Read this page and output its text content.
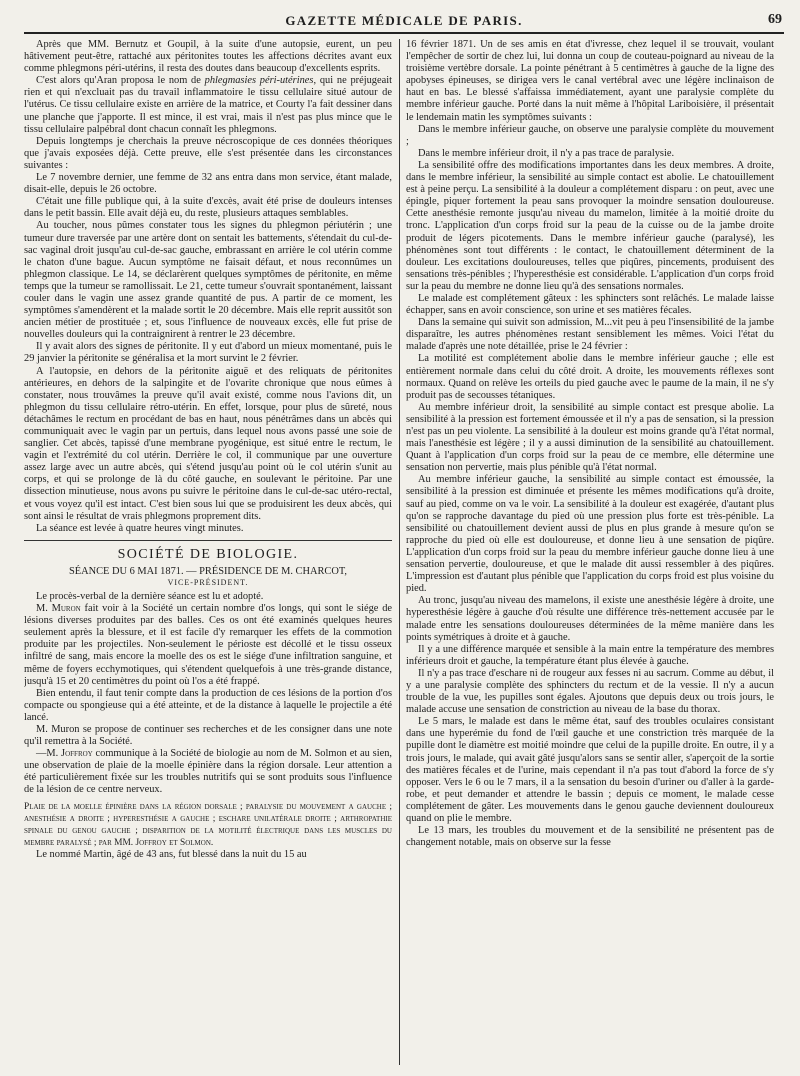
GAZETTE MÉDICALE DE PARIS.	69

Après que MM. Bernutz et Goupil, à la suite d'une autopsie, eurent, un peu hâtivement peut-être, rattaché aux péritonites toutes les affections décrites avant eux comme phlegmons péri-utérins, il resta des doutes dans beaucoup d'excellents esprits.

C'est alors qu'Aran proposa le nom de phlegmasies péri-utérines, qui ne préjugeait rien et qui n'excluait pas du travail inflammatoire le tissu cellulaire situé autour de l'utérus. Ce tissu cellulaire existe en arrière de la matrice, et Courty l'a fait dessiner dans une planche que j'apporte. Il est mince, il est vrai, mais il n'est pas plus mince que le tissu cellulaire palpébral dont chacun connaît les phlegmons.

Depuis longtemps je cherchais la preuve nécroscopique de ces données théoriques que j'avais exposées déjà. Cette preuve, elle s'est présentée dans les circonstances suivantes :

Le 7 novembre dernier, une femme de 32 ans entra dans mon service, étant malade, disait-elle, depuis le 26 octobre.

C'était une fille publique qui, à la suite d'excès, avait été prise de douleurs intenses dans le petit bassin. Elle avait déjà eu, du reste, plusieurs attaques semblables.

Au toucher, nous pûmes constater tous les signes du phlegmon périutérin ; une tumeur dure traversée par une artère dont on sentait les battements, s'étendait du cul-de-sac vaginal droit jusqu'au cul-de-sac gauche, embrassant en arrière le col utérin comme le chaton d'une bague. Aucun symptôme ne faisait défaut, et nous reconnûmes un phlegmon classique. Le 14, se déclarèrent quelques symptômes de péritonite, en même temps que la tumeur se ramollissait. Le 21, cette tumeur s'ouvrait spontanément, laissant couler dans le vagin une assez grande quantité de pus. A partir de ce moment, les symptômes s'amendèrent et la malade sortit le 20 décembre. Mais elle reprit aussitôt son ancien métier de prostituée ; et, sous l'influence de nouveaux excès, elle fut prise de nouvelles douleurs qui la contraignirent à rentrer le 23 décembre.

Il y avait alors des signes de péritonite. Il y eut d'abord un mieux momentané, puis le 29 janvier la péritonite se généralisa et la mort survint le 2 février.

A l'autopsie, en dehors de la péritonite aiguë et des reliquats de péritonites antérieures, en dehors de la salpingite et de l'ovarite chronique que nous eûmes à constater, nous trouvâmes la preuve qu'il avait existé, comme nous l'avions dit, un phlegmon du tissu cellulaire rétro-utérin. En effet, lorsque, pour plus de sûreté, nous détachâmes le rectum en procédant de bas en haut, nous pénétrâmes dans un abcès qui communiquait avec le vagin par un pertuis, dans lequel nous avons passé une soie de sanglier. Cet abcès, tapissé d'une membrane pyogénique, est situé entre le rectum, le vagin et l'extrémité du col utérin. Derrière le col, il communique par une ouverture assez large avec un autre abcès, qui s'étend jusqu'au point où le col utérin s'unit au corps, et qui se prolonge de là du côté gauche, en soulevant le péritoine. Par une dissection minutieuse, nous avons pu suivre le péritoine dans le cul-de-sac utéro-rectal, et vous voyez qu'il est intact. C'est bien sous lui que se produisirent les deux abcès, qui sont ainsi le résultat de vrais phlegmons proprement dits.

La séance est levée à quatre heures vingt minutes.

SOCIÉTÉ DE BIOLOGIE.
SÉANCE DU 6 MAI 1871. — PRÉSIDENCE DE M. CHARCOT,
VICE-PRÉSIDENT.

Le procès-verbal de la dernière séance est lu et adopté.

M. Muron fait voir à la Société un certain nombre d'os longs, qui sont le siége de lésions diverses produites par des balles. Ces os ont été examinés quelques heures seulement après la blessure, et il est facile d'y remarquer les effets de la commotion produite par les projectiles. Non-seulement le périoste est décollé et le tissu osseux infiltré de sang, mais encore la moelle des os est le siége d'une infiltration sanguine, et même de foyers ecchymotiques, qui s'étendent quelquefois à une très-grande distance, jusqu'à 15 et 20 centimètres du point où l'os a été frappé.

Bien entendu, il faut tenir compte dans la production de ces lésions de la portion d'os compacte ou spongieuse qui a été atteinte, et de la distance à laquelle le projectile a été lancé.

M. Muron se propose de continuer ses recherches et de les consigner dans une note qu'il remettra à la Société.

—M. Joffroy communique à la Société de biologie au nom de M. Solmon et au sien, une observation de plaie de la moelle épinière dans la région dorsale. Leur attention a été particulièrement fixée sur les troubles nutritifs qui se sont produits sous l'influence de la lésion de ce centre nerveux.

Plaie de la moelle épinière dans la région dorsale ; paralysie du mouvement a gauche ; anesthésie a droite ; hyperesthésie a gauche ; eschare unilatérale droite ; arthropathie spinale du genou gauche ; disparition de la motilité électrique dans les muscles du membre paralysé ; par MM. Joffroy et Solmon.

Le nommé Martin, âgé de 43 ans, fut blessé dans la nuit du 15 au

16 février 1871. Un de ses amis en état d'ivresse, chez lequel il se trouvait, voulant l'empêcher de sortir de chez lui, lui donna un coup de couteau-poignard au niveau de la troisième vertèbre dorsale. La pointe pénétrant à 5 centimètres à gauche de la ligne des apobyses épineuses, se dirigea vers le canal vertébral avec une légère inclinaison de haut en bas. Le blessé s'affaissa immédiatement, ayant une paralysie complète du membre inférieur gauche. Porté dans la nuit même à l'hôpital Lariboisière, il présentait le lendemain matin les symptômes suivants :

Dans le membre inférieur gauche, on observe une paralysie complète du mouvement ;

Dans le membre inférieur droit, il n'y a pas trace de paralysie.

La sensibilité offre des modifications importantes dans les deux membres. A droite, dans le membre inférieur, la sensibilité au simple contact est abolie. Le chatouillement est à peine perçu. La sensibilité à la douleur a complétement disparu : on peut, avec une épingle, piquer fortement la peau sans provoquer la moindre sensation douloureuse. Cette anesthésie remonte jusqu'au niveau du mamelon, limitée à la moitié droite du tronc. L'application d'un corps froid sur la peau de la cuisse ou de la jambe droite produit de légers picotements. Dans le membre inférieur gauche (paralysé), les phénomènes sont tout différents : le contact, le chatouillement déterminent de la douleur. Les excitations douloureuses, telles que piqûres, pincements, produisent des sensations très-pénibles ; l'hyperesthésie est considérable. L'application d'un corps froid sur la peau du membre ne donne lieu qu'à des sensations normales.

Le malade est complétement gâteux : les sphincters sont relâchés. Le malade laisse échapper, sans en avoir conscience, son urine et ses matières fécales.

Dans la semaine qui suivit son admission, M...vit peu à peu l'insensibilité de la jambe disparaître, les autres phénomènes restant sensiblement les mêmes. Voici l'état du malade d'après une note détaillée, prise le 24 février :

La motilité est complétement abolie dans le membre inférieur gauche ; elle est entièrement normale dans celui du côté droit. A droite, les mouvements réflexes sont normaux. Quand on relève les orteils du pied gauche avec le paume de la main, il ne s'y produit pas de secousses tétaniques.

Au membre inférieur droit, la sensibilité au simple contact est presque abolie. La sensibilité à la pression est fortement émoussée et il n'y a pas de sensation, si la pression n'est pas un peu violente. La sensibilité à la douleur est moins grande qu'à l'état normal, mais l'anesthésie est légère ; il y a aussi diminution de la sensibilité au chatouillement. Quant à l'application d'un corps froid sur la peau de ce membre, elle détermine une sensation non pervertie, mais plus pénible qu'à l'état normal.

Au membre inférieur gauche, la sensibilité au simple contact est émoussée, la sensibilité à la pression est diminuée et présente les mêmes modifications qu'à droite, sauf au pied, comme on va le voir. La sensibilité à la douleur est exagérée, d'autant plus qu'on se rapproche davantage du pied où une pression plus forte est très-pénible. La sensibilité ou chatouillement devient aussi de plus en plus grande à mesure qu'on se rapproche du pied où elle est douloureuse, et donne lieu à une sensation de piqûre. L'application d'un corps froid sur la peau du membre inférieur gauche donne lieu à une sensation pervertie, douloureuse, et que le malade dit aussi ressembler à des piqûres. L'impression est d'autant plus pénible que l'application du corps froid est plus voisine du pied.

Au tronc, jusqu'au niveau des mamelons, il existe une anesthésie légère à droite, une hyperesthésie légère à gauche d'où résulte une différence très-nettement accusée par le malade entre les sensations douloureuses déterminées de la même manière dans les points symétriques à droite et à gauche.

Il y a une différence marquée et sensible à la main entre la température des membres inférieurs droit et gauche, la température étant plus élevée à gauche.

Il n'y a pas trace d'eschare ni de rougeur aux fesses ni au sacrum. Comme au début, il y a une paralysie complète des sphincters du rectum et de la vessie. Il n'y a aucun trouble de la vue, les pupilles sont égales. Ajoutons que depuis deux ou trois jours, le malade accuse une sensation de constriction au niveau de la base du thorax.

Le 5 mars, le malade est dans le même état, sauf des troubles oculaires consistant dans une hyperémie du fond de l'œil gauche et une constriction très marquée de la pupille dont le diamètre est moitié moindre que celui de la pupille droite. En outre, il y a trois jours, le malade, qui avait gâté jusqu'alors sans se sentir aller, s'aperçoit de la sortie des matières fécales et de l'urine, mais cependant il n'a pas tout d'abord la force de s'y opposer. Vers le 6 ou le 7 mars, il a la sensation du besoin d'uriner ou d'aller à la garde-robe, et peut demander et attendre le bassin ; depuis ce moment, le malade cesse complétement de gâter. Les mouvements dans le genou gauche deviennent douloureux quand on plie le membre.

Le 13 mars, les troubles du mouvement et de la sensibilité ne présentent pas de changement notable, mais on observe sur la fesse
